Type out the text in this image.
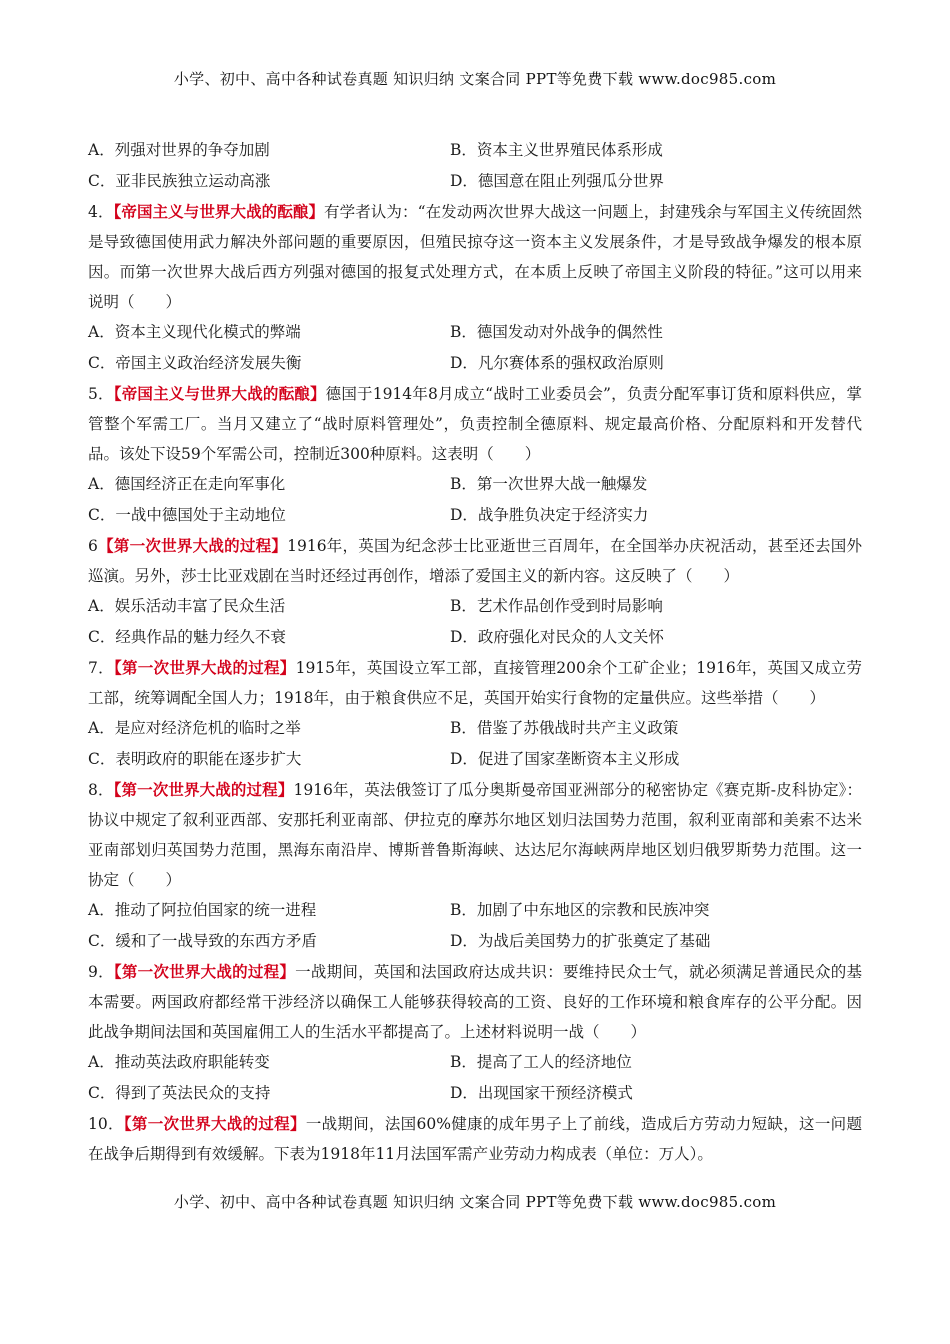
小学、初中、高中各种试卷真题 知识归纳 文案合同 PPT等免费下载 www.doc985.com
A．列强对世界的争夺加剧	B．资本主义世界殖民体系形成
C．亚非民族独立运动高涨	D．德国意在阻止列强瓜分世界

4．【帝国主义与世界大战的酝酿】有学者认为：“在发动两次世界大战这一问题上，封建残余与军国主义传统固然是导致德国使用武力解决外部问题的重要原因，但殖民掠夺这一资本主义发展条件，才是导致战争爆发的根本原因。而第一次世界大战后西方列强对德国的报复式处理方式，在本质上反映了帝国主义阶段的特征。”这可以用来说明（　　）

A．资本主义现代化模式的弊端	B．德国发动对外战争的偶然性
C．帝国主义政治经济发展失衡	D．凡尔赛体系的强权政治原则

5．【帝国主义与世界大战的酝酿】德国于1914年8月成立“战时工业委员会”，负责分配军事订货和原料供应，掌管整个军需工厂。当月又建立了“战时原料管理处”，负责控制全德原料、规定最高价格、分配原料和开发替代品。该处下设59个军需公司，控制近300种原料。这表明（　　）

A．德国经济正在走向军事化	B．第一次世界大战一触爆发
C．一战中德国处于主动地位	D．战争胜负决定于经济实力

6【第一次世界大战的过程】1916年，英国为纪念莎士比亚逝世三百周年，在全国举办庆祝活动，甚至还去国外巡演。另外，莎士比亚戏剧在当时还经过再创作，增添了爱国主义的新内容。这反映了（　　）

A．娱乐活动丰富了民众生活	B．艺术作品创作受到时局影响
C．经典作品的魅力经久不衰	D．政府强化对民众的人文关怀

7．【第一次世界大战的过程】1915年，英国设立军工部，直接管理200余个工矿企业；1916年，英国又成立劳工部，统筹调配全国人力；1918年，由于粮食供应不足，英国开始实行食物的定量供应。这些举措（　　）

A．是应对经济危机的临时之举	B．借鉴了苏俄战时共产主义政策
C．表明政府的职能在逐步扩大	D．促进了国家垄断资本主义形成

8．【第一次世界大战的过程】1916年，英法俄签订了瓜分奥斯曼帝国亚洲部分的秘密协定《赛克斯-皮科协定》：协议中规定了叙利亚西部、安那托利亚南部、伊拉克的摩苏尔地区划归法国势力范围，叙利亚南部和美索不达米亚南部划归英国势力范围，黑海东南沿岸、博斯普鲁斯海峡、达达尼尔海峡两岸地区划归俄罗斯势力范围。这一协定（　　）

A．推动了阿拉伯国家的统一进程	B．加剧了中东地区的宗教和民族冲突
C．缓和了一战导致的东西方矛盾	D．为战后美国势力的扩张奠定了基础

9．【第一次世界大战的过程】一战期间，英国和法国政府达成共识：要维持民众士气，就必须满足普通民众的基本需要。两国政府都经常干涉经济以确保工人能够获得较高的工资、良好的工作环境和粮食库存的公平分配。因此战争期间法国和英国雇佣工人的生活水平都提高了。上述材料说明一战（　　）

A．推动英法政府职能转变	B．提高了工人的经济地位
C．得到了英法民众的支持	D．出现国家干预经济模式

10．【第一次世界大战的过程】一战期间，法国60%健康的成年男子上了前线，造成后方劳动力短缺，这一问题在战争后期得到有效缓解。下表为1918年11月法国军需产业劳动力构成表（单位：万人）。

小学、初中、高中各种试卷真题 知识归纳 文案合同 PPT等免费下载 www.doc985.com
